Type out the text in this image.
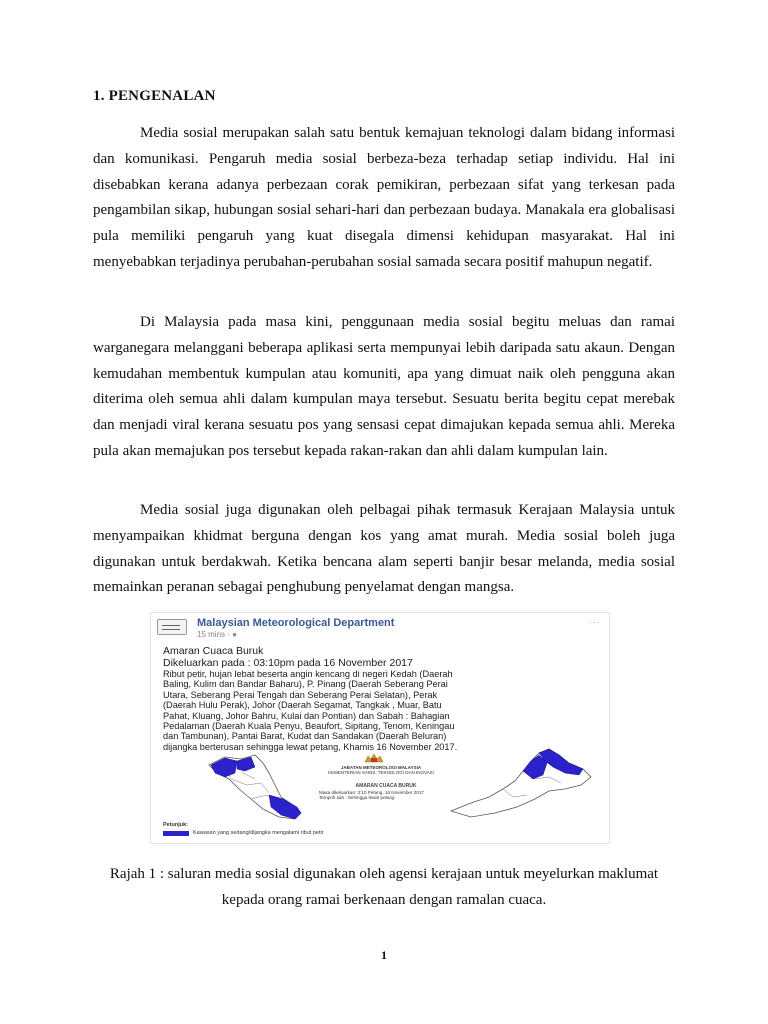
1. PENGENALAN

Media sosial merupakan salah satu bentuk kemajuan teknologi dalam bidang informasi dan komunikasi. Pengaruh media sosial berbeza-beza terhadap setiap individu. Hal ini disebabkan kerana adanya perbezaan corak pemikiran, perbezaan sifat yang terkesan pada pengambilan sikap, hubungan sosial sehari-hari dan perbezaan budaya. Manakala era globalisasi pula memiliki pengaruh yang kuat disegala dimensi kehidupan masyarakat. Hal ini menyebabkan terjadinya perubahan-perubahan sosial samada secara positif mahupun negatif.

Di Malaysia pada masa kini, penggunaan media sosial begitu meluas dan ramai warganegara melanggani beberapa aplikasi serta mempunyai lebih daripada satu akaun. Dengan kemudahan membentuk kumpulan atau komuniti, apa yang dimuat naik oleh pengguna akan diterima oleh semua ahli dalam kumpulan maya tersebut. Sesuatu berita begitu cepat merebak dan menjadi viral kerana sesuatu pos yang sensasi cepat dimajukan kepada semua ahli. Mereka pula akan memajukan pos tersebut kepada rakan-rakan dan ahli dalam kumpulan lain.

Media sosial juga digunakan oleh pelbagai pihak termasuk Kerajaan Malaysia untuk menyampaikan khidmat berguna dengan kos yang amat murah. Media sosial boleh juga digunakan untuk berdakwah. Ketika bencana alam seperti banjir besar melanda, media sosial memainkan peranan sebagai penghubung penyelamat dengan mangsa.

Malaysian Meteorological Department
15 mins · ●
···
Amaran Cuaca Buruk
Dikeluarkan pada : 03:10pm pada 16 November 2017
Ribut petir, hujan lebat beserta angin kencang di negeri Kedah (Daerah
Baling, Kulim dan Bandar Baharu), P. Pinang (Daerah Seberang Perai
Utara, Seberang Perai Tengah dan Seberang Perai Selatan), Perak
(Daerah Hulu Perak), Johor (Daerah Segamat, Tangkak , Muar, Batu
Pahat, Kluang, Johor Bahru, Kulai dan Pontian) dan Sabah : Bahagian
Pedalaman (Daerah Kuala Penyu, Beaufort, Sipitang, Tenom, Keningau
dan Tambunan), Pantai Barat, Kudat dan Sandakan (Daerah Beluran)
dijangka berterusan sehingga lewat petang, Khamis 16 November 2017.
JABATAN METEOROLOGI MALAYSIA
KEMENTERIAN SAINS, TEKNOLOGI DAN INOVASI
AMARAN CUACA BURUK
Masa dikeluarkan: 3:10 Petang, 16 November 2017
Tempoh sah : Sehingga lewat petang
Petunjuk:
Kawasan yang sedang/dijangka mengalami ribut petir

Rajah 1 : saluran media sosial digunakan oleh agensi kerajaan untuk meyelurkan maklumat

kepada orang ramai berkenaan dengan ramalan cuaca.

1
